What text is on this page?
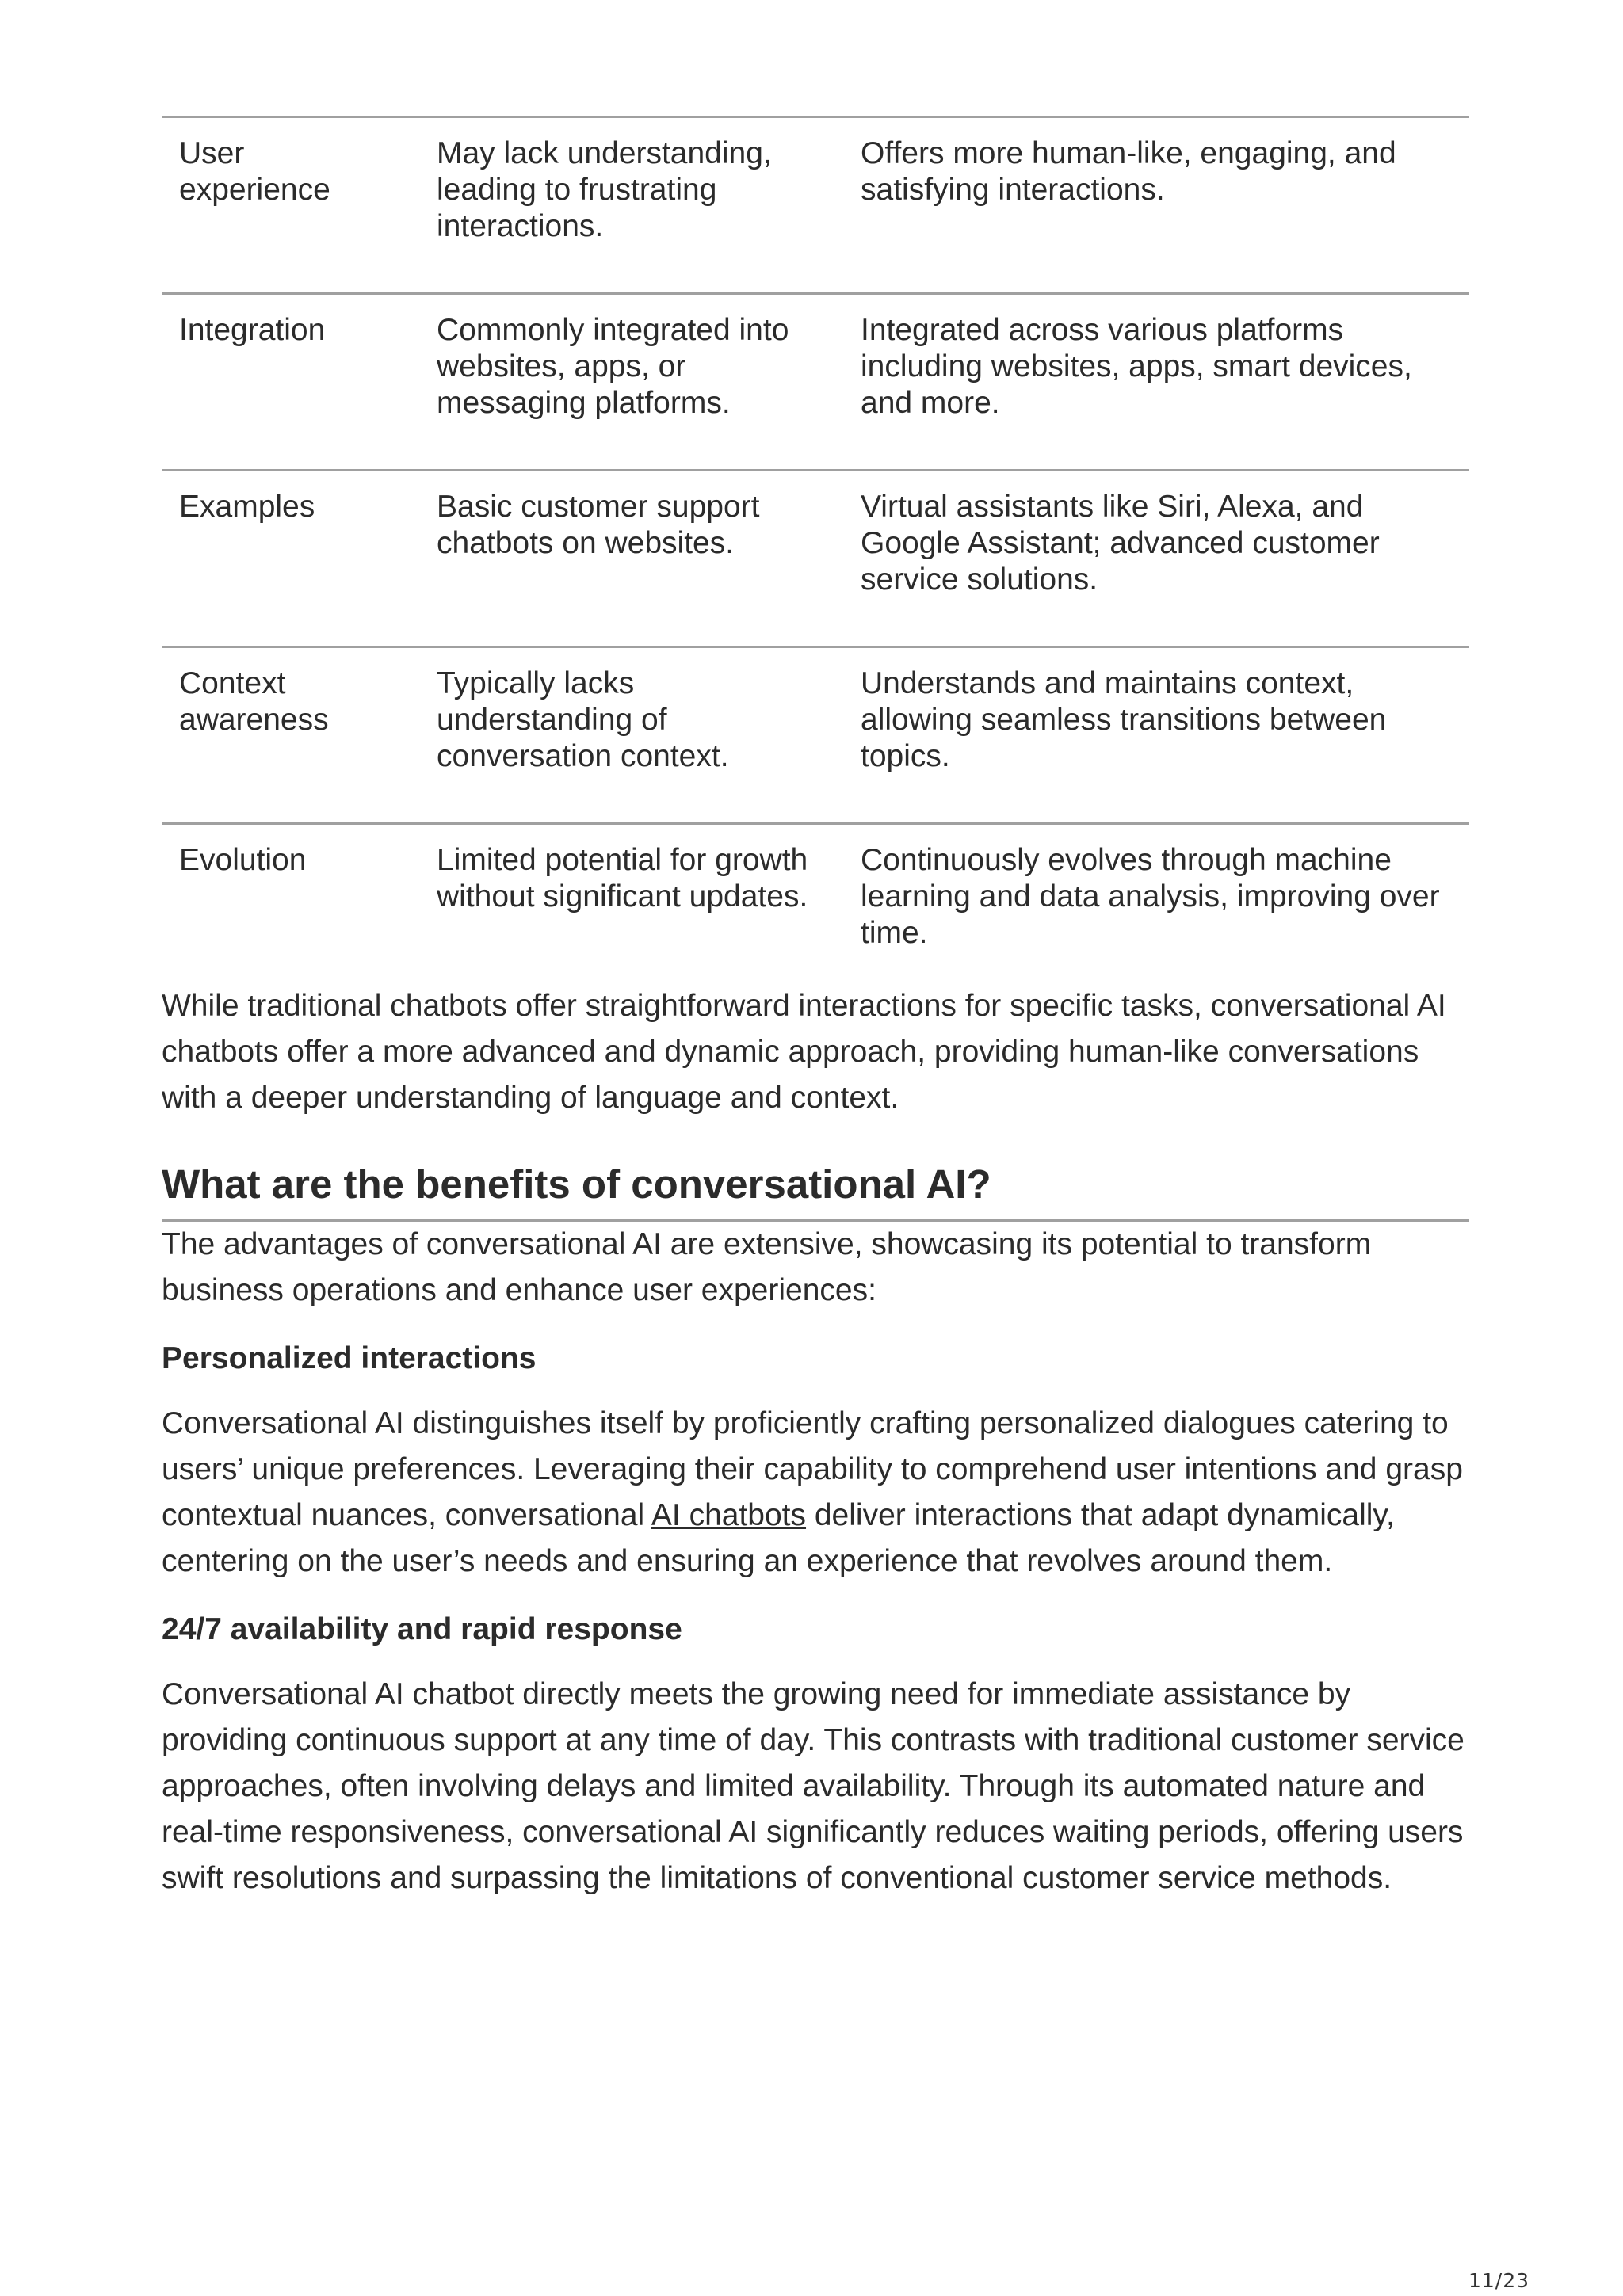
User experience	May lack understanding, leading to frustrating interactions.	Offers more human-like, engaging, and satisfying interactions.
Integration	Commonly integrated into websites, apps, or messaging platforms.	Integrated across various platforms including websites, apps, smart devices, and more.
Examples	Basic customer support chatbots on websites.	Virtual assistants like Siri, Alexa, and Google Assistant; advanced customer service solutions.
Context awareness	Typically lacks understanding of conversation context.	Understands and maintains context, allowing seamless transitions between topics.
Evolution	Limited potential for growth without significant updates.	Continuously evolves through machine learning and data analysis, improving over time.

While traditional chatbots offer straightforward interactions for specific tasks, conversational AI chatbots offer a more advanced and dynamic approach, providing human-like conversations with a deeper understanding of language and context.

What are the benefits of conversational AI?

The advantages of conversational AI are extensive, showcasing its potential to transform business operations and enhance user experiences:

Personalized interactions

Conversational AI distinguishes itself by proficiently crafting personalized dialogues catering to users’ unique preferences. Leveraging their capability to comprehend user intentions and grasp contextual nuances, conversational AI chatbots deliver interactions that adapt dynamically, centering on the user’s needs and ensuring an experience that revolves around them.

24/7 availability and rapid response

Conversational AI chatbot directly meets the growing need for immediate assistance by providing continuous support at any time of day. This contrasts with traditional customer service approaches, often involving delays and limited availability. Through its automated nature and real-time responsiveness, conversational AI significantly reduces waiting periods, offering users swift resolutions and surpassing the limitations of conventional customer service methods.

11/23
